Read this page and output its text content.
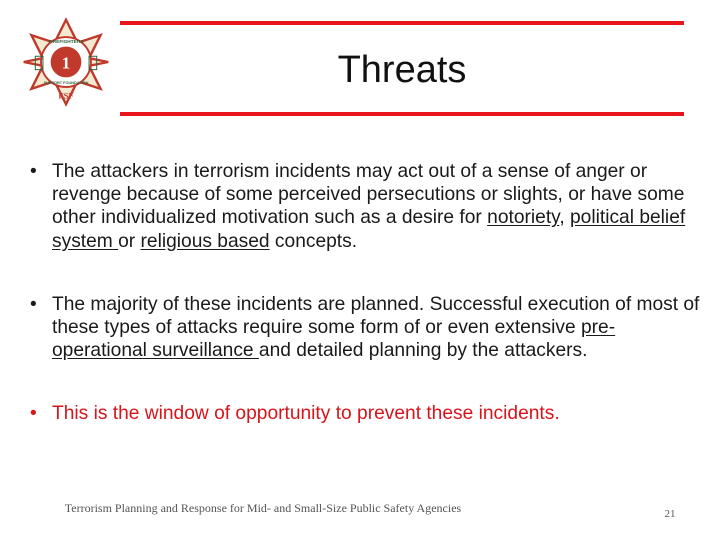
1
FIREFIGHTERS
SUPPORT FOUNDATION
FSF
Threats
• The attackers in terrorism incidents may act out of a sense of anger or revenge because of some perceived persecutions or slights, or have some other individualized motivation such as a desire for notoriety, political belief system or religious based concepts.
• The majority of these incidents are planned. Successful execution of most of these types of attacks require some form of or even extensive pre-operational surveillance and detailed planning by the attackers.
• This is the window of opportunity to prevent these incidents.
Terrorism Planning and Response for Mid- and Small-Size Public Safety Agencies	21
